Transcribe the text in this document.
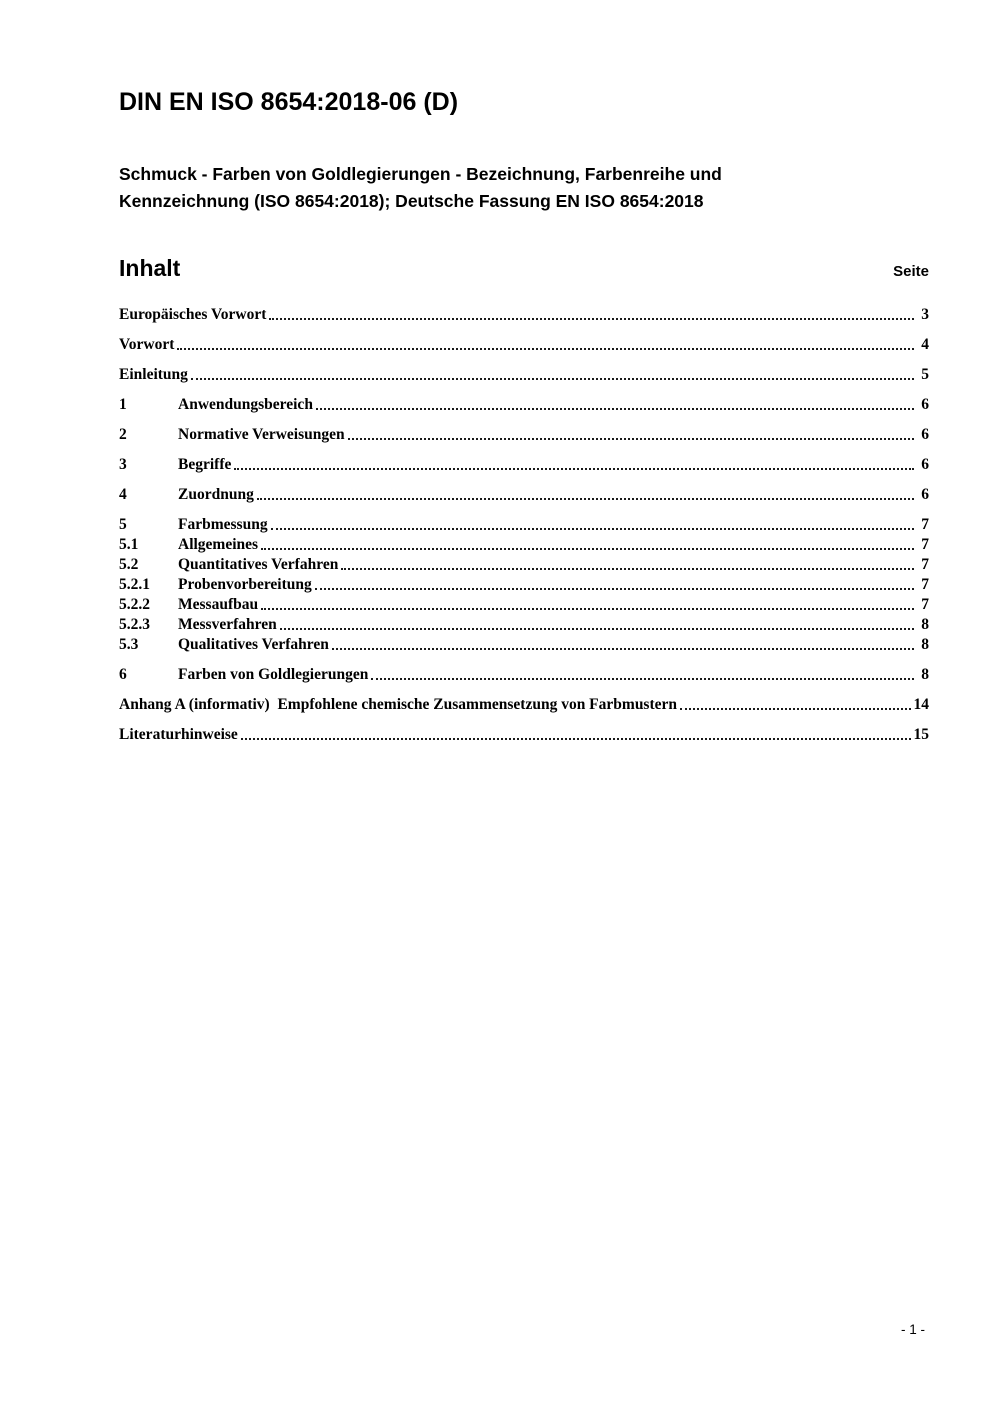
DIN EN ISO 8654:2018-06 (D)
Schmuck - Farben von Goldlegierungen - Bezeichnung, Farbenreihe und Kennzeichnung (ISO 8654:2018); Deutsche Fassung EN ISO 8654:2018
Inhalt	Seite
Europäisches Vorwort	3
Vorwort	4
Einleitung	5
1	Anwendungsbereich	6
2	Normative Verweisungen	6
3	Begriffe	6
4	Zuordnung	6
5	Farbmessung	7
5.1	Allgemeines	7
5.2	Quantitatives Verfahren	7
5.2.1	Probenvorbereitung	7
5.2.2	Messaufbau	7
5.2.3	Messverfahren	8
5.3	Qualitatives Verfahren	8
6	Farben von Goldlegierungen	8
Anhang A (informativ)  Empfohlene chemische Zusammensetzung von Farbmustern	14
Literaturhinweise	15
- 1 -
